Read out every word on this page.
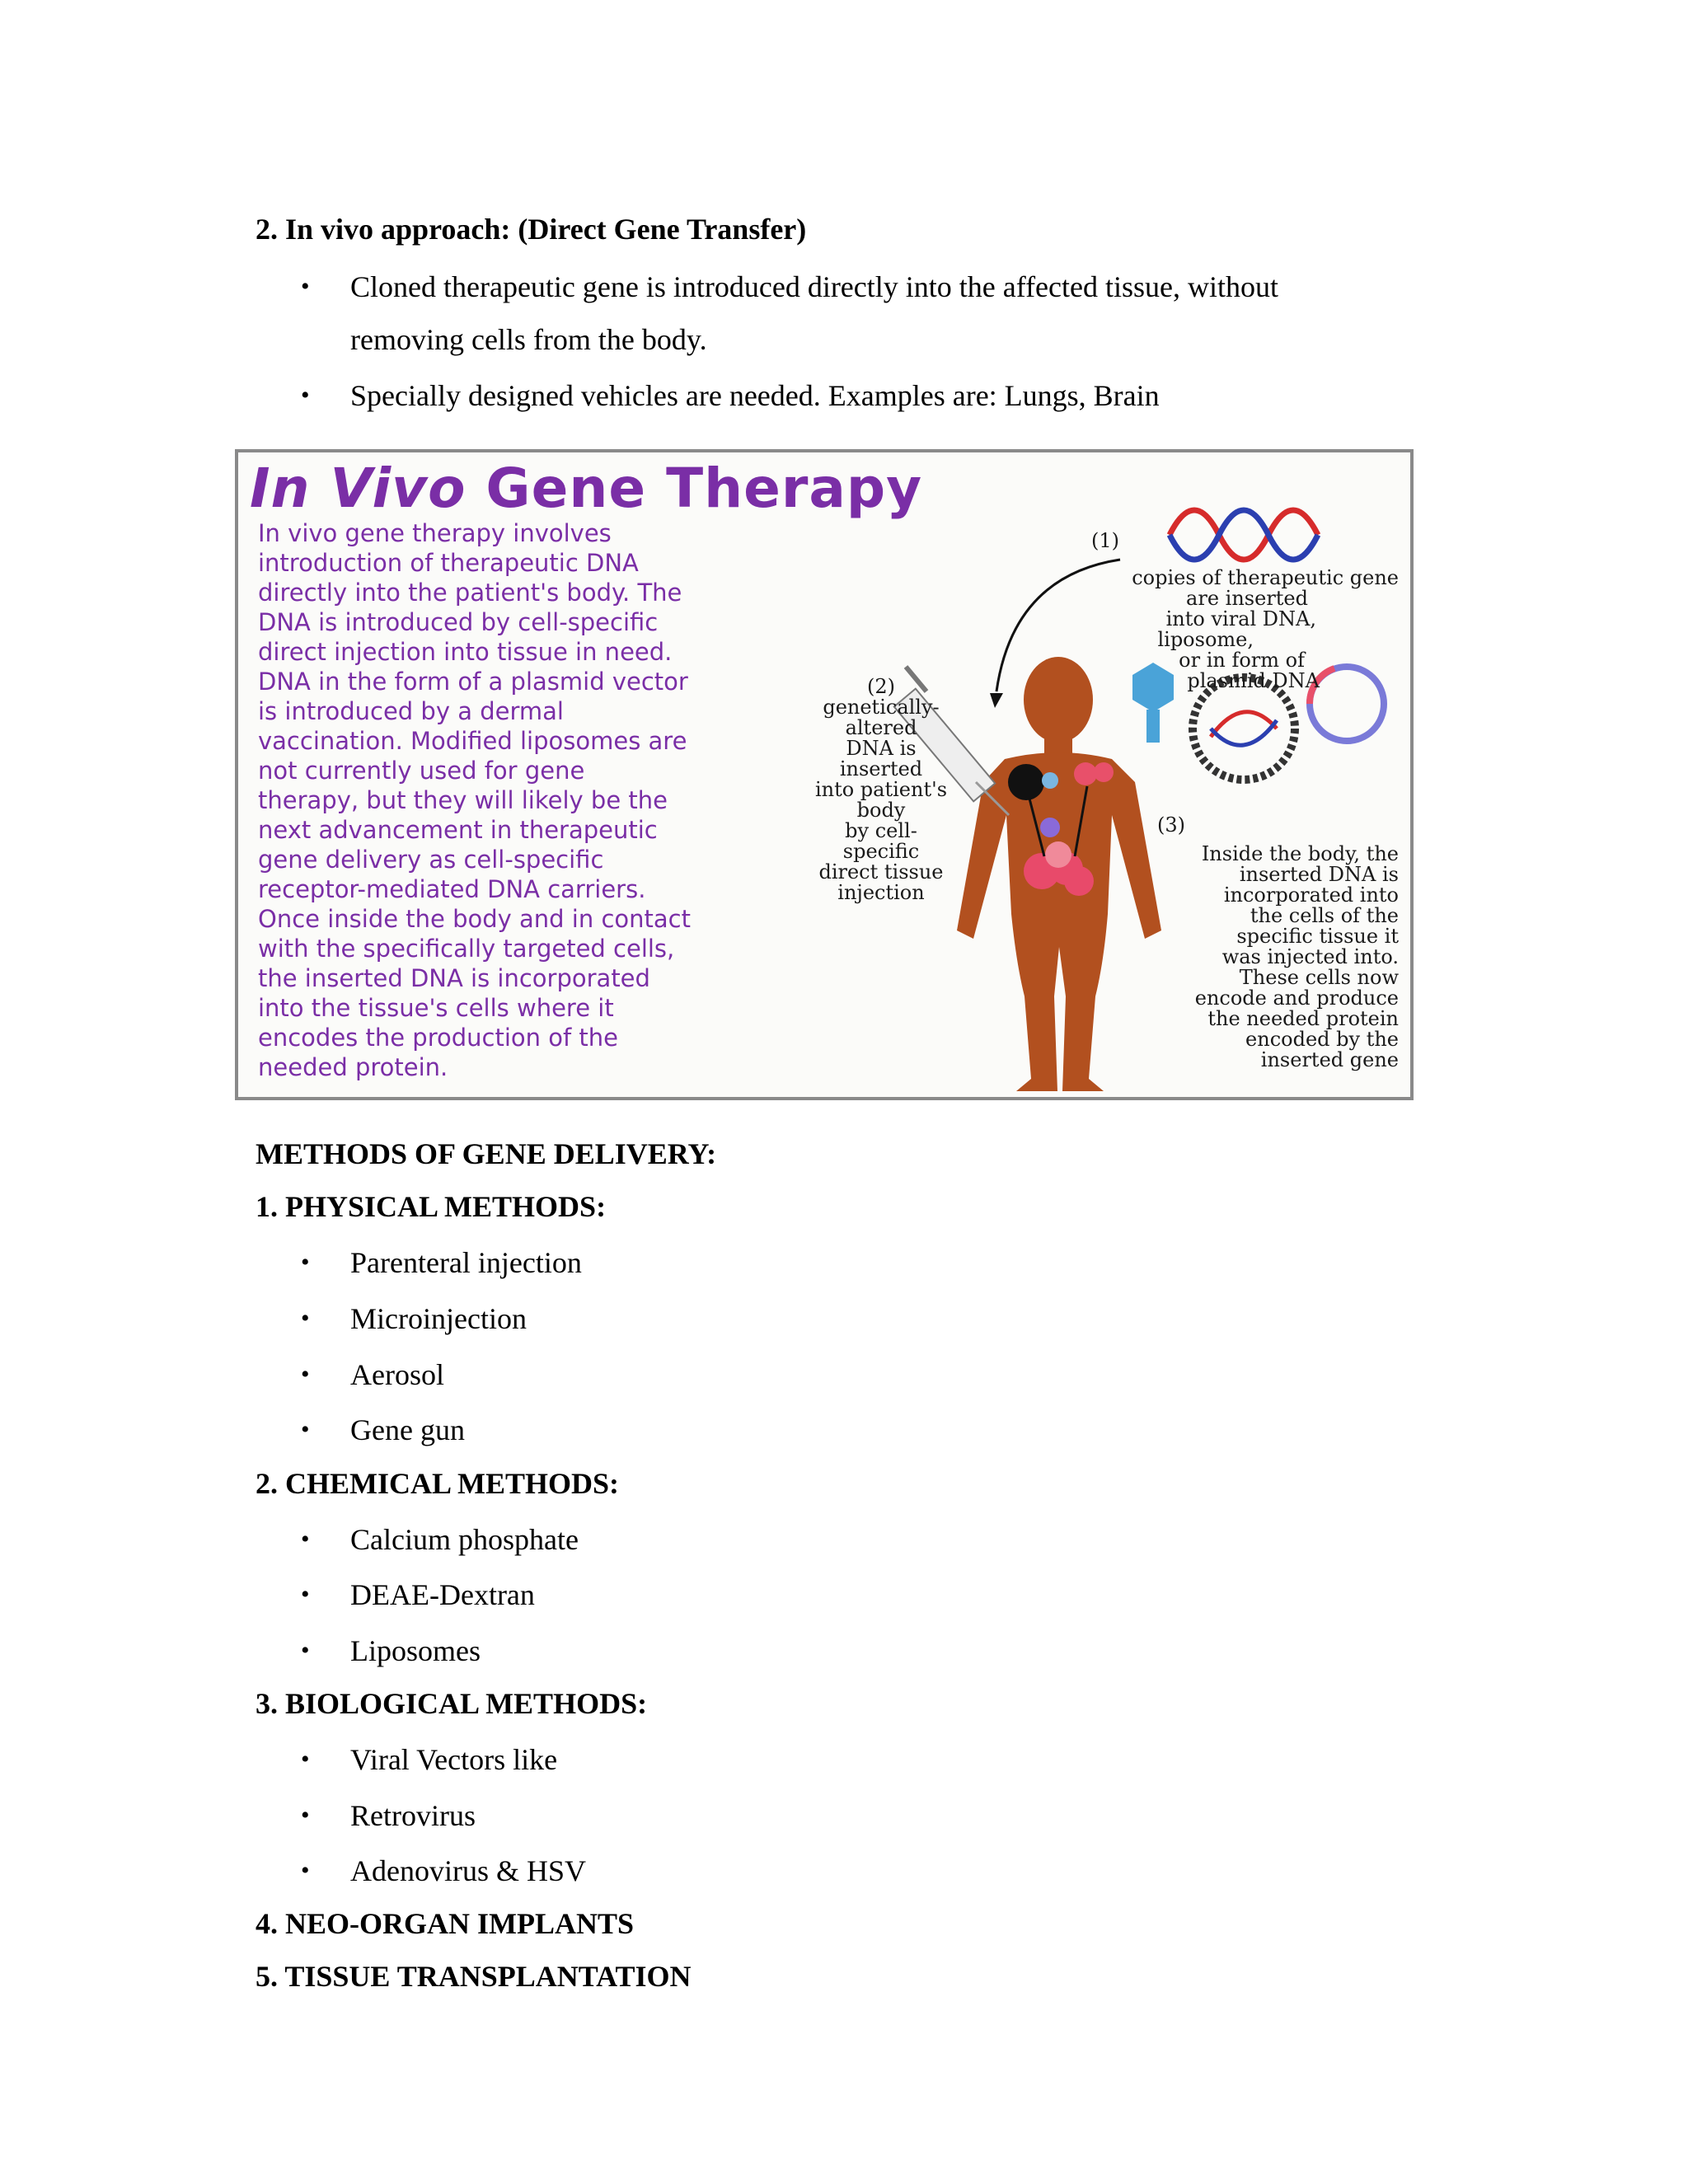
2. In vivo approach: (Direct Gene Transfer)
•	Cloned therapeutic gene is introduced directly into the affected tissue, without
removing cells from the body.
•	Specially designed vehicles are needed. Examples are: Lungs, Brain
In Vivo Gene Therapy
In vivo gene therapy involves
introduction of therapeutic DNA
directly into the patient's body. The
DNA is introduced by cell-specific
direct injection into tissue in need.
DNA in the form of a plasmid vector
is introduced by a dermal
vaccination. Modified liposomes are
not currently used for gene
therapy, but they will likely be the
next advancement in therapeutic
gene delivery as cell-specific
receptor-mediated DNA carriers.
Once inside the body and in contact
with the specifically targeted cells,
the inserted DNA is incorporated
into the tissue's cells where it
encodes the production of the
needed protein.
(1)
copies of therapeutic gene
are inserted
into viral DNA,
liposome,
or in form of
plasmid DNA
(2)
genetically-
altered
DNA is
inserted
into patient's
body
by cell-
specific
direct tissue
injection
(3)
Inside the body, the
inserted DNA is
incorporated into
the cells of the
specific tissue it
was injected into.
These cells now
encode and produce
the needed protein
encoded by the
inserted gene
METHODS OF GENE DELIVERY:
1. PHYSICAL METHODS:
•	Parenteral injection
•	Microinjection
•	Aerosol
•	Gene gun
2. CHEMICAL METHODS:
•	Calcium phosphate
•	DEAE-Dextran
•	Liposomes
3. BIOLOGICAL METHODS:
•	Viral Vectors like
•	Retrovirus
•	Adenovirus & HSV
4. NEO-ORGAN IMPLANTS
5. TISSUE TRANSPLANTATION
